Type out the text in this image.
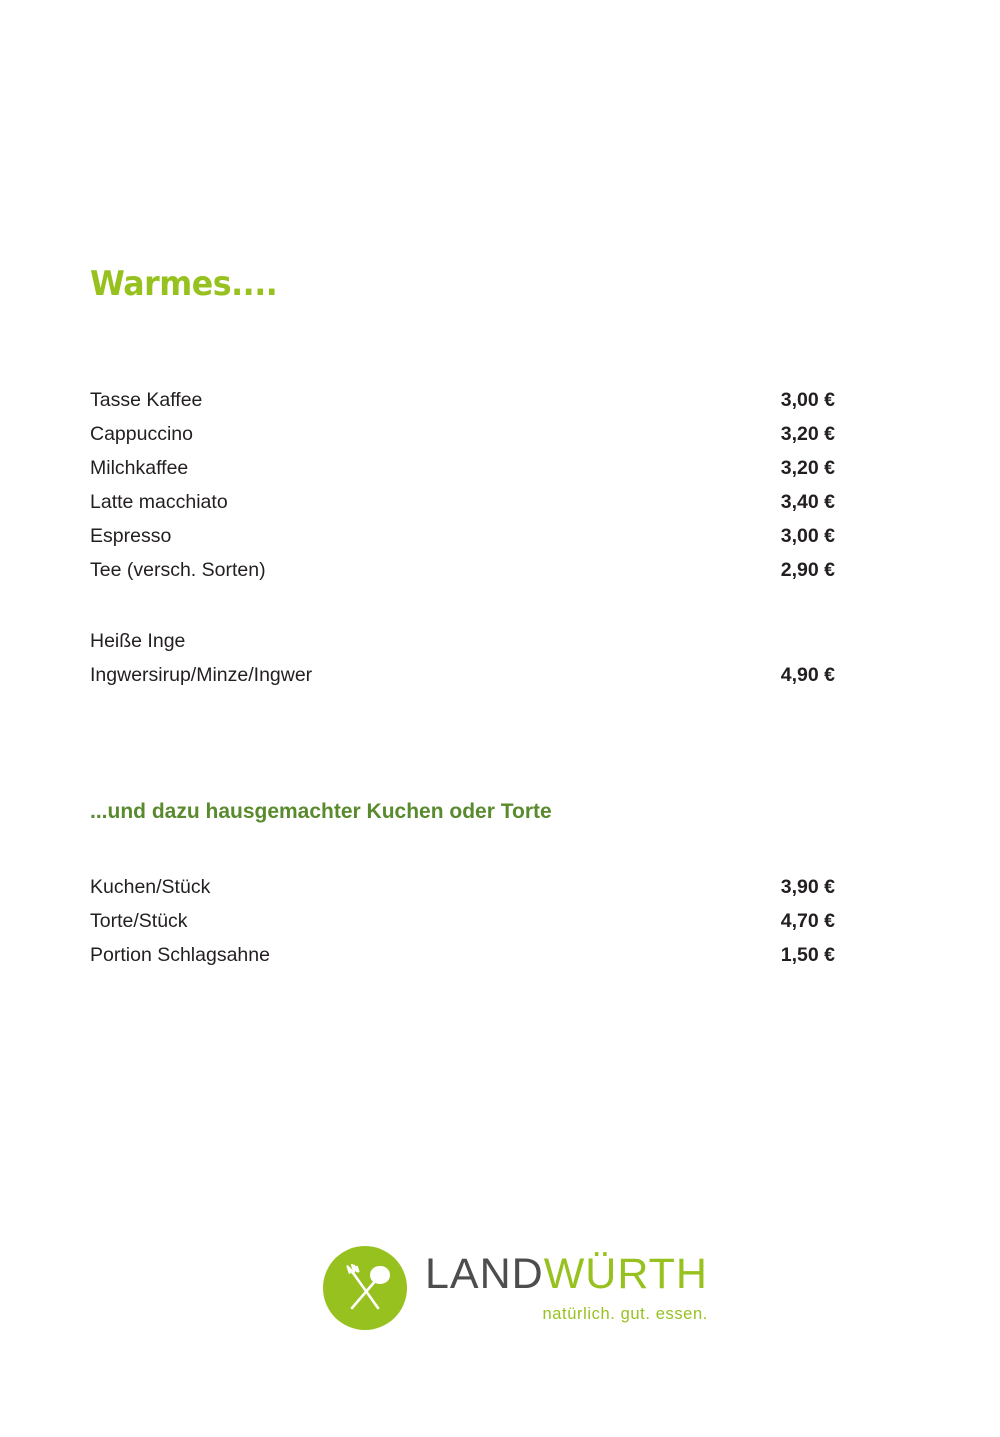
Warmes....
Tasse Kaffee	3,00 €
Cappuccino	3,20 €
Milchkaffee	3,20 €
Latte macchiato	3,40 €
Espresso	3,00 €
Tee (versch. Sorten)	2,90 €
Heiße Inge
Ingwersirup/Minze/Ingwer	4,90 €
...und dazu hausgemachter Kuchen oder Torte
Kuchen/Stück	3,90 €
Torte/Stück	4,70 €
Portion Schlagsahne	1,50 €
LANDWÜRTH
natürlich. gut. essen.
